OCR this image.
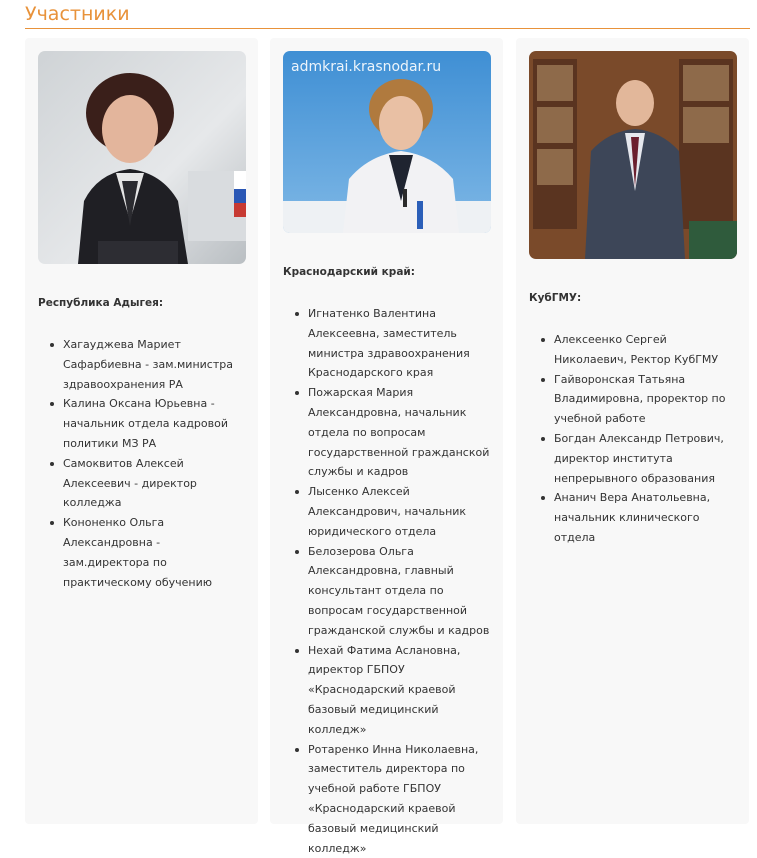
Участники

Республика Адыгея:

Хагауджева Мариет Сафарбиевна - зам.министра здравоохранения РА
Калина Оксана Юрьевна - начальник отдела кадровой политики МЗ РА
Самоквитов Алексей Алексеевич - директор колледжа
Кононенко Ольга Александровна - зам.директора по практическому обучению
admkrai.krasnodar.ru

Краснодарский край:

Игнатенко Валентина Алексеевна, заместитель министра здравоохранения Краснодарского края
Пожарская Мария Александровна, начальник отдела по вопросам государственной гражданской службы и кадров
Лысенко Алексей Александрович, начальник юридического отдела
Белозерова Ольга Александровна, главный консультант отдела по вопросам государственной гражданской службы и кадров
Нехай Фатима Аслановна, директор ГБПОУ «Краснодарский краевой базовый медицинский колледж»
Ротаренко Инна Николаевна, заместитель директора по учебной работе ГБПОУ «Краснодарский краевой базовый медицинский колледж»

КубГМУ:

Алексеенко Сергей Николаевич, Ректор КубГМУ
Гайворонская Татьяна Владимировна, проректор по учебной работе
Богдан Александр Петрович, директор института непрерывного образования
Ананич Вера Анатольевна, начальник клинического отдела
